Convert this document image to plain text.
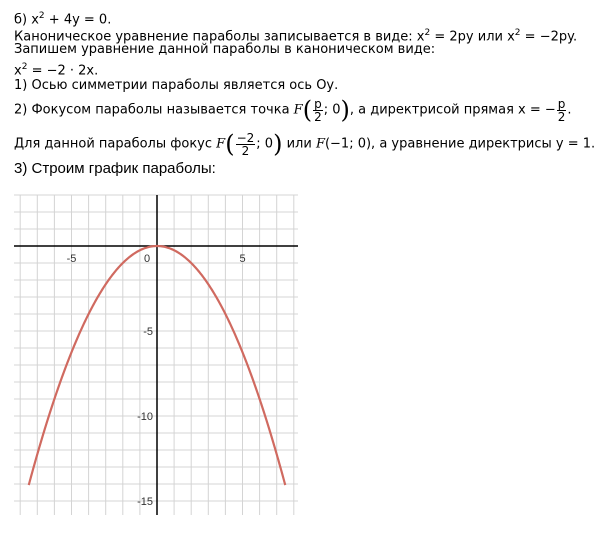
б) $x^2 + 4y = 0$.
Каноническое уравнение параболы записывается в виде: $x^2 = 2py$ или $x^2 = -2py$.
Запишем уравнение данной параболы в каноническом виде:
$x^2 = -2 \cdot 2x$.
1) Осью симметрии параболы является ось Оу.
2) Фокусом параболы называется точка $F( \frac{p}{2}$ ; 0), а директрисой прямая x = − $\frac{p}{2}$ .
Для данной параболы фокус $F( \frac{-2}{2}$ ; 0) или F(−1; 0), а уравнение директрисы y = 1.
3) Строим график параболы:
-5	0	5
-5
-10
-15
